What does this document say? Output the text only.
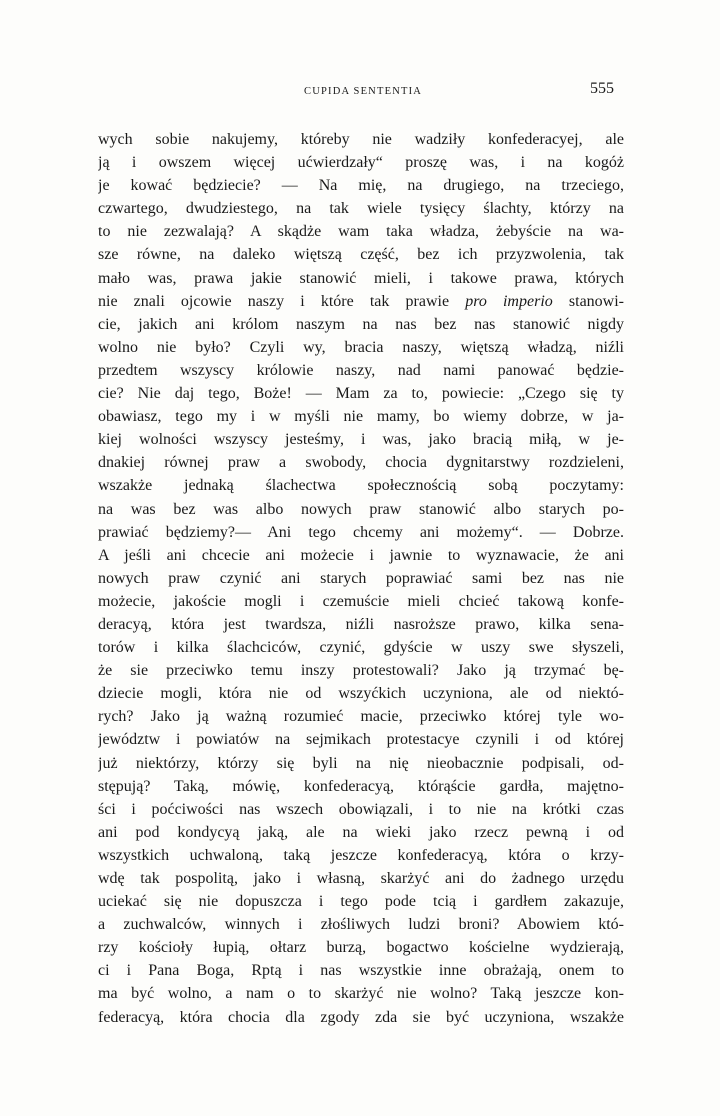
CUPIDA SENTENTIA	555
wych sobie nakujemy, któreby nie wadziły konfederacyej, ale
ją i owszem więcej ućwierdzały“ proszę was, i na kogóż
je kować będziecie? — Na mię, na drugiego, na trzeciego,
czwartego, dwudziestego, na tak wiele tysięcy ślachty, którzy na
to nie zezwalają? A skądże wam taka władza, żebyście na wa-
sze równe, na daleko więtszą część, bez ich przyzwolenia, tak
mało was, prawa jakie stanowić mieli, i takowe prawa, których
nie znali ojcowie naszy i które tak prawie pro imperio stanowi-
cie, jakich ani królom naszym na nas bez nas stanowić nigdy
wolno nie było? Czyli wy, bracia naszy, więtszą władzą, niźli
przedtem wszyscy królowie naszy, nad nami panować będzie-
cie? Nie daj tego, Boże! — Mam za to, powiecie: „Czego się ty
obawiasz, tego my i w myśli nie mamy, bo wiemy dobrze, w ja-
kiej wolności wszyscy jesteśmy, i was, jako bracią miłą, w je-
dnakiej równej praw a swobody, chocia dygnitarstwy rozdzieleni,
wszakże jednaką ślachectwa społecznością sobą poczytamy:
na was bez was albo nowych praw stanowić albo starych po-
prawiać będziemy?— Ani tego chcemy ani możemy“. — Dobrze.
A jeśli ani chcecie ani możecie i jawnie to wyznawacie, że ani
nowych praw czynić ani starych poprawiać sami bez nas nie
możecie, jakoście mogli i czemuście mieli chcieć takową konfe-
deracyą, która jest twardsza, niźli nasroższe prawo, kilka sena-
torów i kilka ślachciców, czynić, gdyście w uszy swe słyszeli,
że sie przeciwko temu inszy protestowali? Jako ją trzymać bę-
dziecie mogli, która nie od wszyćkich uczyniona, ale od niektó-
rych? Jako ją ważną rozumieć macie, przeciwko której tyle wo-
jewództw i powiatów na sejmikach protestacye czynili i od której
już niektórzy, którzy się byli na nię nieobacznie podpisali, od-
stępują? Taką, mówię, konfederacyą, którąście gardła, majętno-
ści i poćciwości nas wszech obowiązali, i to nie na krótki czas
ani pod kondycyą jaką, ale na wieki jako rzecz pewną i od
wszystkich uchwaloną, taką jeszcze konfederacyą, która o krzy-
wdę tak pospolitą, jako i własną, skarżyć ani do żadnego urzędu
uciekać się nie dopuszcza i tego pode tcią i gardłem zakazuje,
a zuchwalców, winnych i złośliwych ludzi broni? Abowiem któ-
rzy kościoły łupią, ołtarz burzą, bogactwo kościelne wydzierają,
ci i Pana Boga, Rptą i nas wszystkie inne obrażają, onem to
ma być wolno, a nam o to skarżyć nie wolno? Taką jeszcze kon-
federacyą, która chocia dla zgody zda sie być uczyniona, wszakże
